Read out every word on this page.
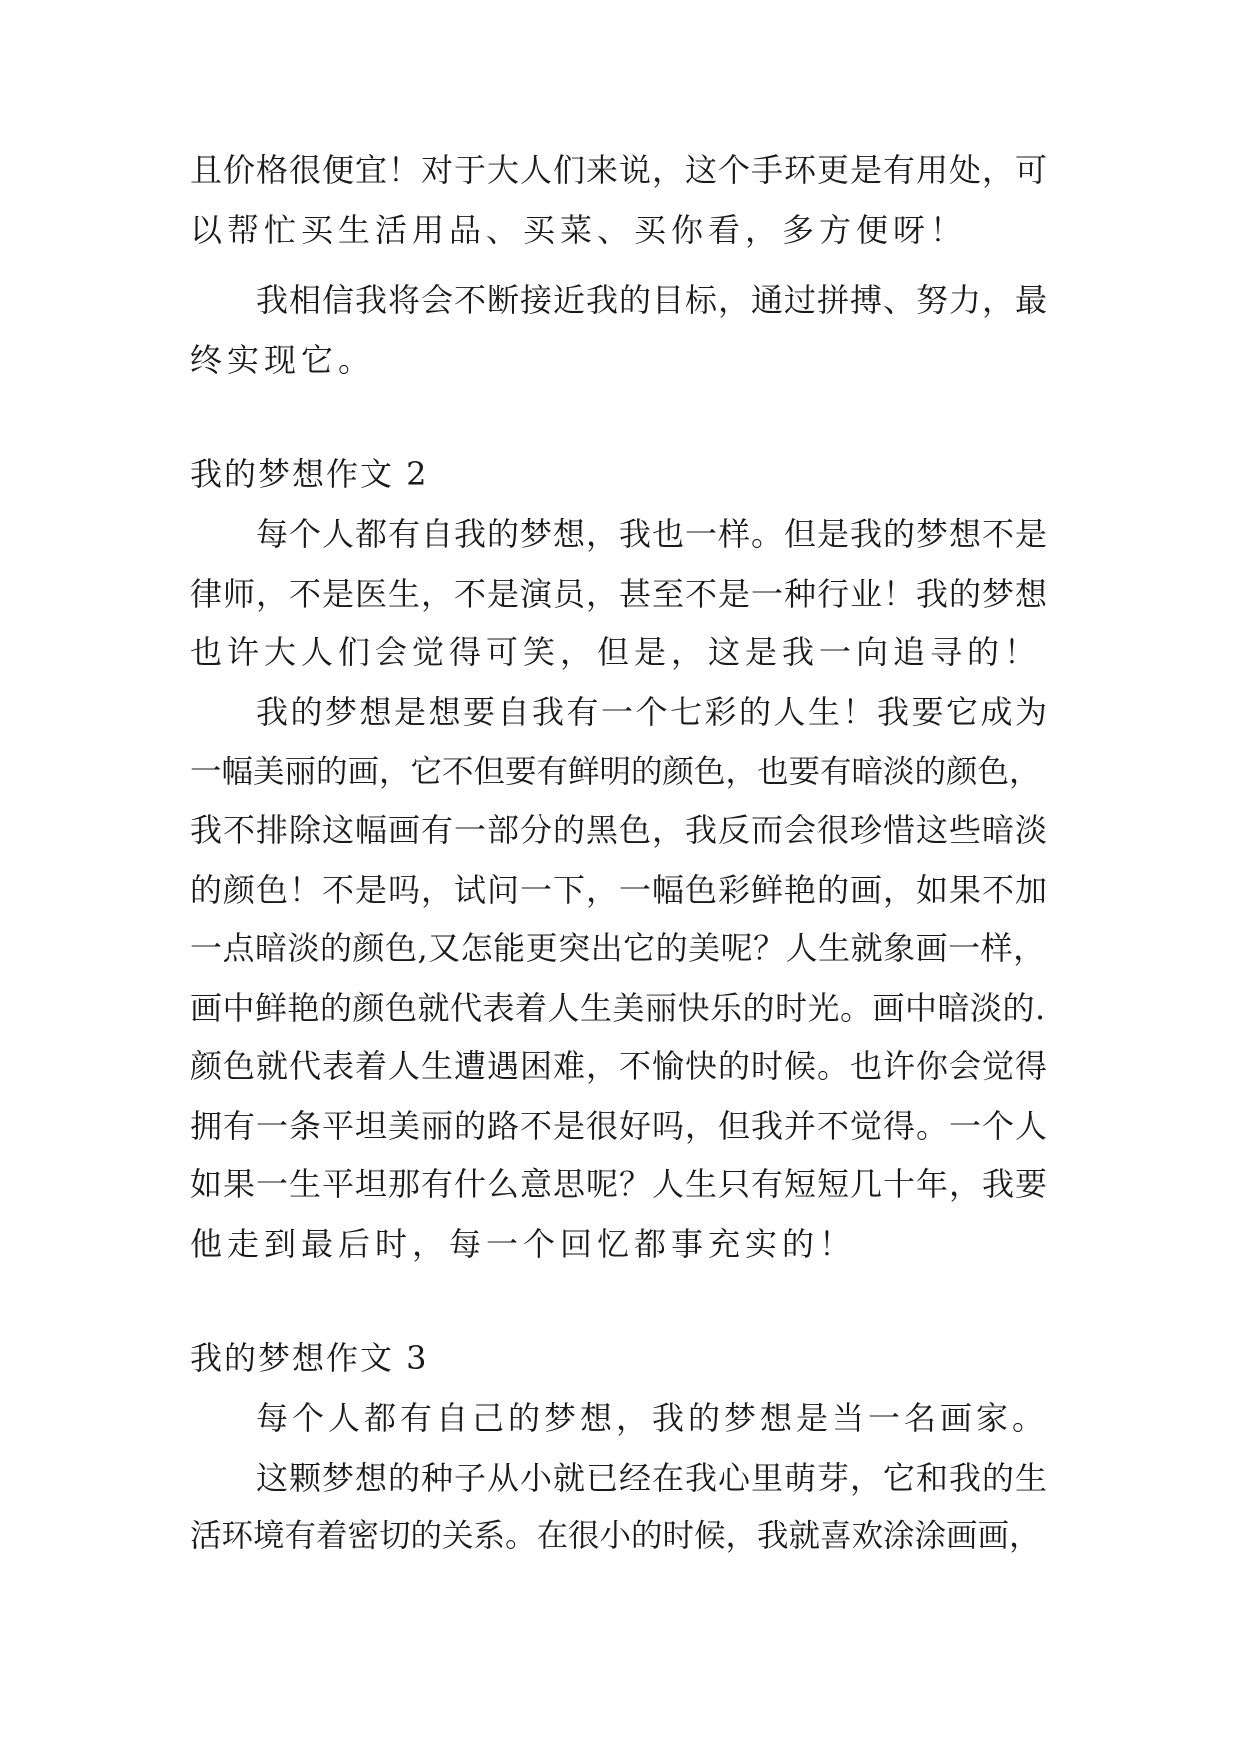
且价格很便宜！对于大人们来说，这个手环更是有用处，可
以帮忙买生活用品、买菜、买你看，多方便呀！
我相信我将会不断接近我的目标，通过拼搏、努力，最
终实现它。
我的梦想作文 2
每个人都有自我的梦想，我也一样。但是我的梦想不是
律师，不是医生，不是演员，甚至不是一种行业！我的梦想
也许大人们会觉得可笑，但是，这是我一向追寻的！
我的梦想是想要自我有一个七彩的人生！我要它成为
一幅美丽的画，它不但要有鲜明的颜色，也要有暗淡的颜色，
我不排除这幅画有一部分的黑色，我反而会很珍惜这些暗淡
的颜色！不是吗，试问一下，一幅色彩鲜艳的画，如果不加
一点暗淡的颜色,又怎能更突出它的美呢？人生就象画一样，
画中鲜艳的颜色就代表着人生美丽快乐的时光。画中暗淡的.
颜色就代表着人生遭遇困难，不愉快的时候。也许你会觉得
拥有一条平坦美丽的路不是很好吗，但我并不觉得。一个人
如果一生平坦那有什么意思呢？人生只有短短几十年，我要
他走到最后时，每一个回忆都事充实的！
我的梦想作文 3
每个人都有自己的梦想，我的梦想是当一名画家。
这颗梦想的种子从小就已经在我心里萌芽，它和我的生
活环境有着密切的关系。在很小的时候，我就喜欢涂涂画画，
